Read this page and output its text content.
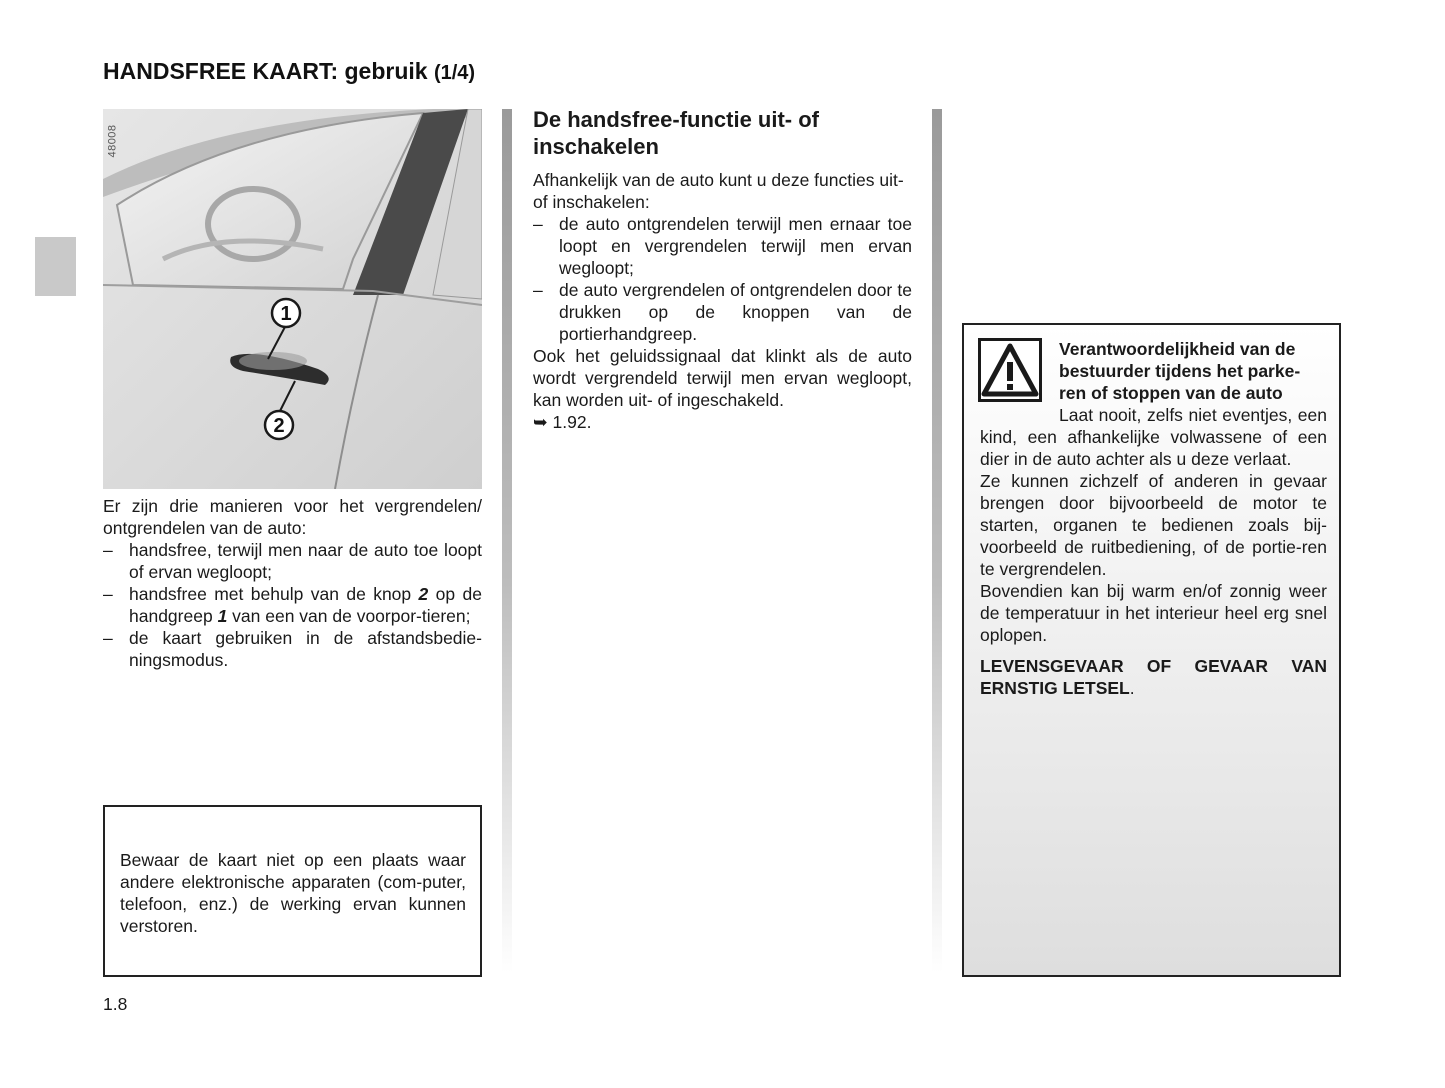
HANDSFREE KAART: gebruik (1/4)
1
2
48008
Er zijn drie manieren voor het vergrendelen/ ontgrendelen van de auto:
– handsfree, terwijl men naar de auto toe loopt of ervan wegloopt;
– handsfree met behulp van de knop 2 op de handgreep 1 van een van de voorpor-tieren;
– de kaart gebruiken in de afstandsbedie-ningsmodus.
Bewaar de kaart niet op een plaats waar andere elektronische apparaten (com-puter, telefoon, enz.) de werking ervan kunnen verstoren.
De handsfree-functie uit- of inschakelen
Afhankelijk van de auto kunt u deze functies uit- of inschakelen:
– de auto ontgrendelen terwijl men ernaar toe loopt en vergrendelen terwijl men ervan wegloopt;
– de auto vergrendelen of ontgrendelen door te drukken op de knoppen van de portierhandgreep.
Ook het geluidssignaal dat klinkt als de auto wordt vergrendeld terwijl men ervan wegloopt, kan worden uit- of ingeschakeld.
➥ 1.92.
Verantwoordelijkheid van de bestuurder tijdens het parke-ren of stoppen van de auto

Laat nooit, zelfs niet eventjes, een kind, een afhankelijke volwassene of een dier in de auto achter als u deze verlaat.

Ze kunnen zichzelf of anderen in gevaar brengen door bijvoorbeeld de motor te starten, organen te bedienen zoals bij-voorbeeld de ruitbediening, of de portie-ren te vergrendelen.

Bovendien kan bij warm en/of zonnig weer de temperatuur in het interieur heel erg snel oplopen.

LEVENSGEVAAR OF GEVAAR VAN ERNSTIG LETSEL.

1.8
